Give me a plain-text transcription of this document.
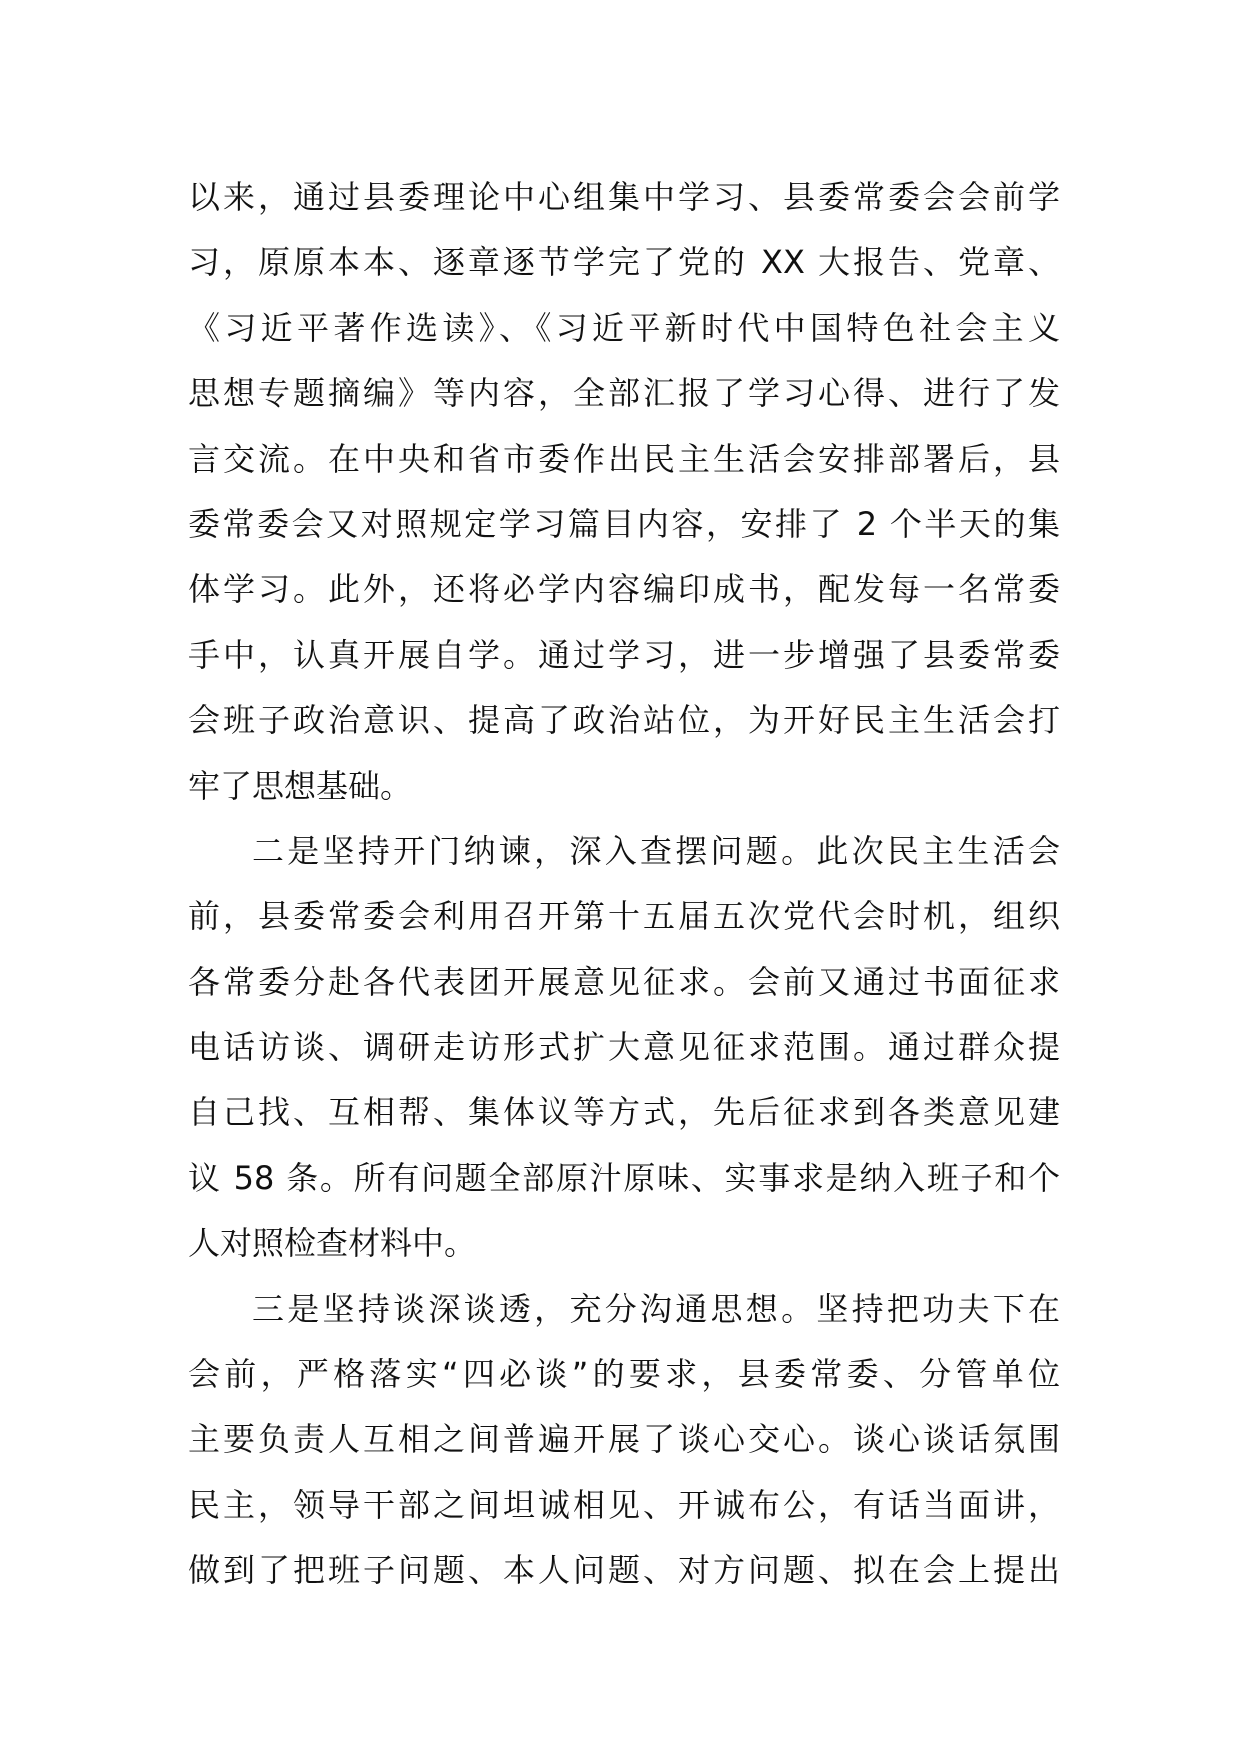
以来，通过县委理论中心组集中学习、县委常委会会前学
习，原原本本、逐章逐节学完了党的 XX 大报告、党章、
《习近平著作选读》、《习近平新时代中国特色社会主义
思想专题摘编》等内容，全部汇报了学习心得、进行了发
言交流。在中央和省市委作出民主生活会安排部署后，县
委常委会又对照规定学习篇目内容，安排了 2 个半天的集
体学习。此外，还将必学内容编印成书，配发每一名常委
手中，认真开展自学。通过学习，进一步增强了县委常委
会班子政治意识、提高了政治站位，为开好民主生活会打
牢了思想基础。
二是坚持开门纳谏，深入查摆问题。此次民主生活会
前，县委常委会利用召开第十五届五次党代会时机，组织
各常委分赴各代表团开展意见征求。会前又通过书面征求
电话访谈、调研走访形式扩大意见征求范围。通过群众提
自己找、互相帮、集体议等方式，先后征求到各类意见建
议 58 条。所有问题全部原汁原味、实事求是纳入班子和个
人对照检查材料中。
三是坚持谈深谈透，充分沟通思想。坚持把功夫下在
会前，严格落实“四必谈”的要求，县委常委、分管单位
主要负责人互相之间普遍开展了谈心交心。谈心谈话氛围
民主，领导干部之间坦诚相见、开诚布公，有话当面讲，
做到了把班子问题、本人问题、对方问题、拟在会上提出
